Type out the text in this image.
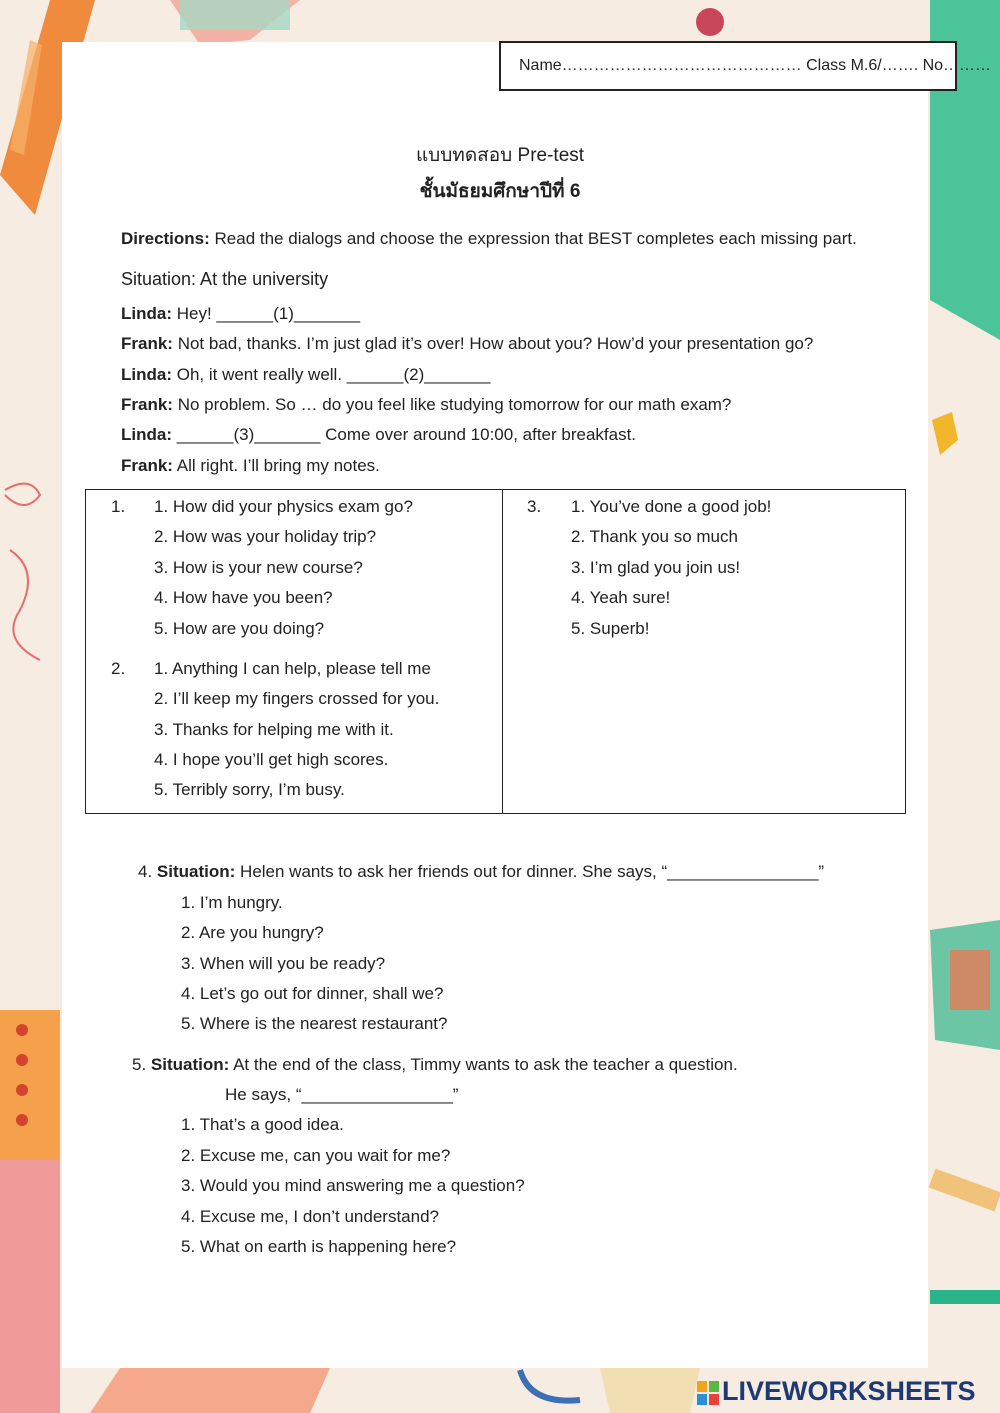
Name……………………………………… Class M.6/……. No………
แบบทดสอบ Pre-test
ชั้นมัธยมศึกษาปีที่ 6
Directions: Read the dialogs and choose the expression that BEST completes each missing part.
Situation: At the university
Linda: Hey! ______(1)_______
Frank: Not bad, thanks. I’m just glad it’s over! How about you? How’d your presentation go?
Linda: Oh, it went really well. ______(2)_______
Frank: No problem. So … do you feel like studying tomorrow for our math exam?
Linda: ______(3)_______ Come over around 10:00, after breakfast.
Frank: All right. I’ll bring my notes.
1. 1. How did your physics exam go?
2. How was your holiday trip?
3. How is your new course?
4. How have you been?
5. How are you doing?
2. 1. Anything I can help, please tell me
2. I’ll keep my fingers crossed for you.
3. Thanks for helping me with it.
4. I hope you’ll get high scores.
5. Terribly sorry, I’m busy.
3. 1. You’ve done a good job!
2. Thank you so much
3. I’m glad you join us!
4. Yeah sure!
5. Superb!
4. Situation: Helen wants to ask her friends out for dinner. She says, “________________”
1. I’m hungry.
2. Are you hungry?
3. When will you be ready?
4. Let’s go out for dinner, shall we?
5. Where is the nearest restaurant?
5. Situation: At the end of the class, Timmy wants to ask the teacher a question.
He says, “________________”
1. That’s a good idea.
2. Excuse me, can you wait for me?
3. Would you mind answering me a question?
4. Excuse me, I don’t understand?
5. What on earth is happening here?
LIVEWORKSHEETS
